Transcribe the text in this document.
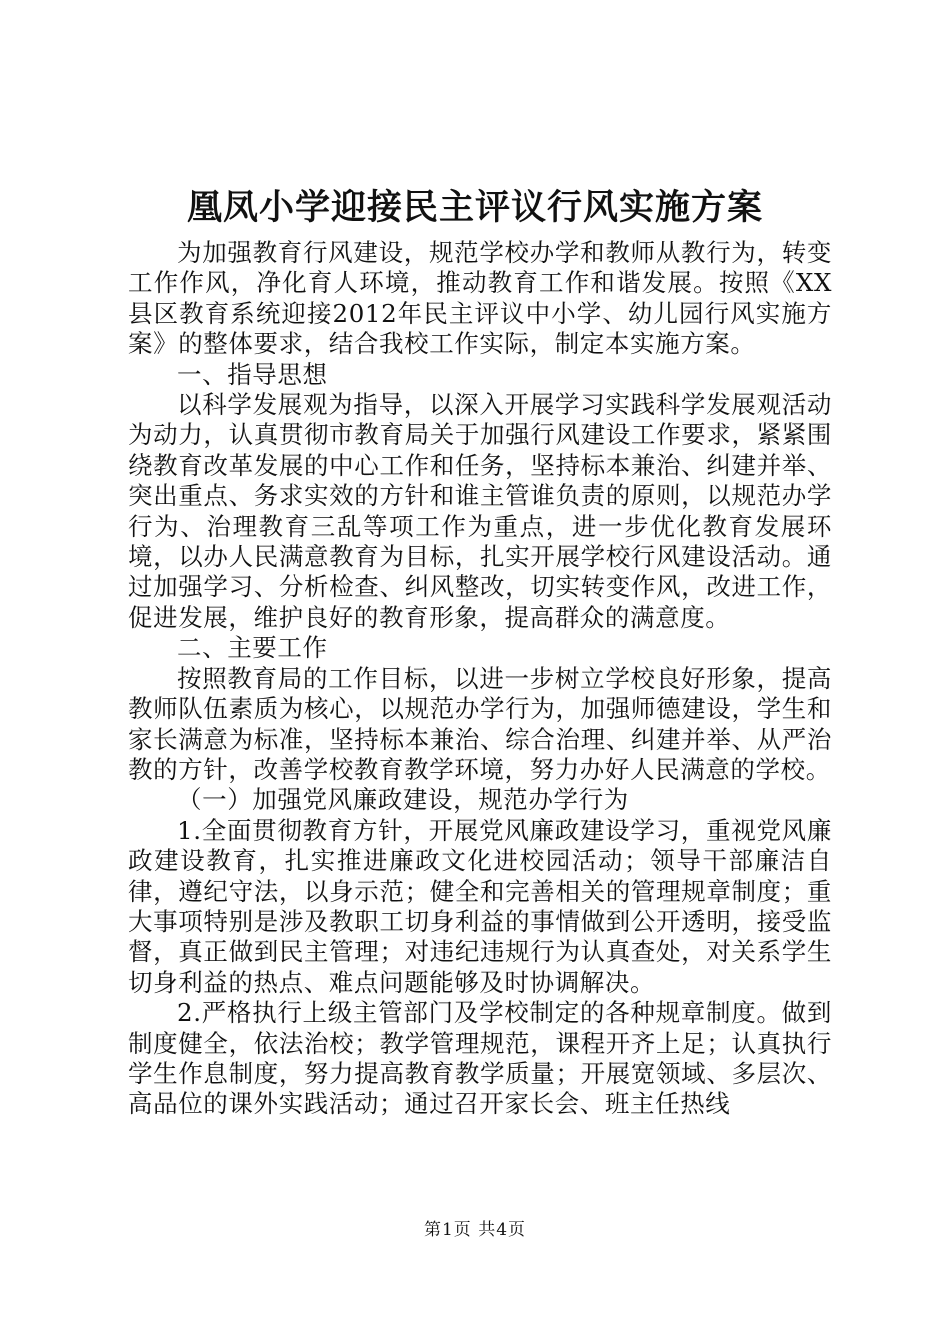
凰凤小学迎接民主评议行风实施方案

为加强教育行风建设，规范学校办学和教师从教行为，转变工作作风，净化育人环境，推动教育工作和谐发展。按照《XX县区教育系统迎接2012年民主评议中小学、幼儿园行风实施方案》的整体要求，结合我校工作实际，制定本实施方案。

一、指导思想

以科学发展观为指导，以深入开展学习实践科学发展观活动为动力，认真贯彻市教育局关于加强行风建设工作要求，紧紧围绕教育改革发展的中心工作和任务，坚持标本兼治、纠建并举、突出重点、务求实效的方针和谁主管谁负责的原则，以规范办学行为、治理教育三乱等项工作为重点，进一步优化教育发展环境，以办人民满意教育为目标，扎实开展学校行风建设活动。通过加强学习、分析检查、纠风整改，切实转变作风，改进工作，促进发展，维护良好的教育形象，提高群众的满意度。

二、主要工作

按照教育局的工作目标，以进一步树立学校良好形象，提高教师队伍素质为核心，以规范办学行为，加强师德建设，学生和家长满意为标准，坚持标本兼治、综合治理、纠建并举、从严治教的方针，改善学校教育教学环境，努力办好人民满意的学校。

（一）加强党风廉政建设，规范办学行为

1.全面贯彻教育方针，开展党风廉政建设学习，重视党风廉政建设教育，扎实推进廉政文化进校园活动；领导干部廉洁自律，遵纪守法，以身示范；健全和完善相关的管理规章制度；重大事项特别是涉及教职工切身利益的事情做到公开透明，接受监督，真正做到民主管理；对违纪违规行为认真查处，对关系学生切身利益的热点、难点问题能够及时协调解决。

2.严格执行上级主管部门及学校制定的各种规章制度。做到制度健全，依法治校；教学管理规范，课程开齐上足；认真执行学生作息制度，努力提高教育教学质量；开展宽领域、多层次、高品位的课外实践活动；通过召开家长会、班主任热线

第1页 共4页
